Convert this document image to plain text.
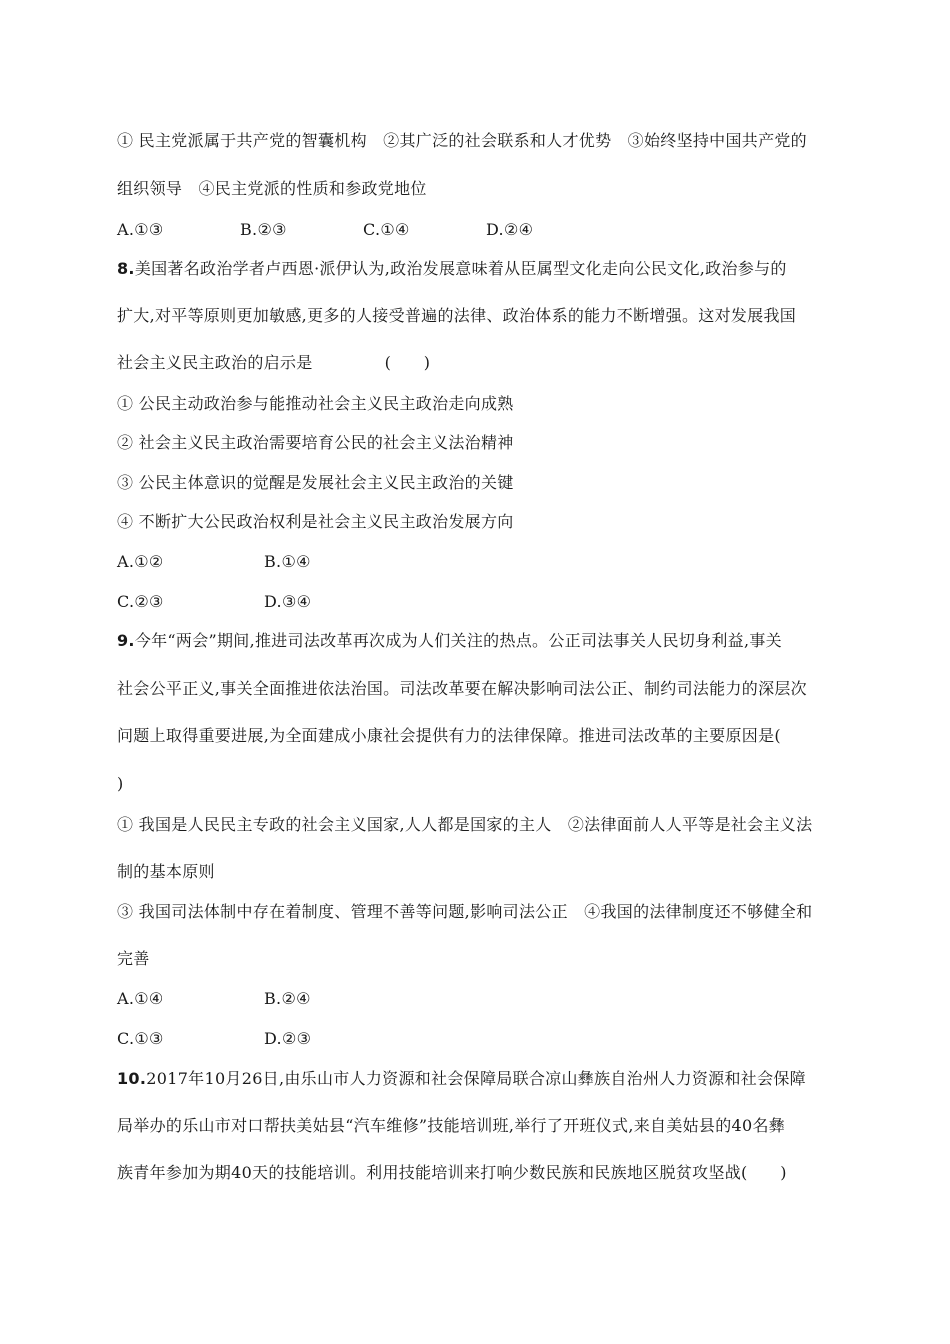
① 民主党派属于共产党的智囊机构　②其广泛的社会联系和人才优势　③始终坚持中国共产党的
组织领导　④民主党派的性质和参政党地位
A.①③	B.②③	C.①④	D.②④
8.美国著名政治学者卢西恩·派伊认为,政治发展意味着从臣属型文化走向公民文化,政治参与的
扩大,对平等原则更加敏感,更多的人接受普遍的法律、政治体系的能力不断增强。这对发展我国
社会主义民主政治的启示是	(　　)
① 公民主动政治参与能推动社会主义民主政治走向成熟
② 社会主义民主政治需要培育公民的社会主义法治精神
③ 公民主体意识的觉醒是发展社会主义民主政治的关键
④ 不断扩大公民政治权利是社会主义民主政治发展方向
A.①②	B.①④
C.②③	D.③④
9.今年“两会”期间,推进司法改革再次成为人们关注的热点。公正司法事关人民切身利益,事关
社会公平正义,事关全面推进依法治国。司法改革要在解决影响司法公正、制约司法能力的深层次
问题上取得重要进展,为全面建成小康社会提供有力的法律保障。推进司法改革的主要原因是(
)
① 我国是人民民主专政的社会主义国家,人人都是国家的主人　②法律面前人人平等是社会主义法
制的基本原则
③ 我国司法体制中存在着制度、管理不善等问题,影响司法公正　④我国的法律制度还不够健全和
完善
A.①④	B.②④
C.①③	D.②③
10.2017年10月26日,由乐山市人力资源和社会保障局联合凉山彝族自治州人力资源和社会保障
局举办的乐山市对口帮扶美姑县“汽车维修”技能培训班,举行了开班仪式,来自美姑县的40名彝
族青年参加为期40天的技能培训。利用技能培训来打响少数民族和民族地区脱贫攻坚战(　　)
